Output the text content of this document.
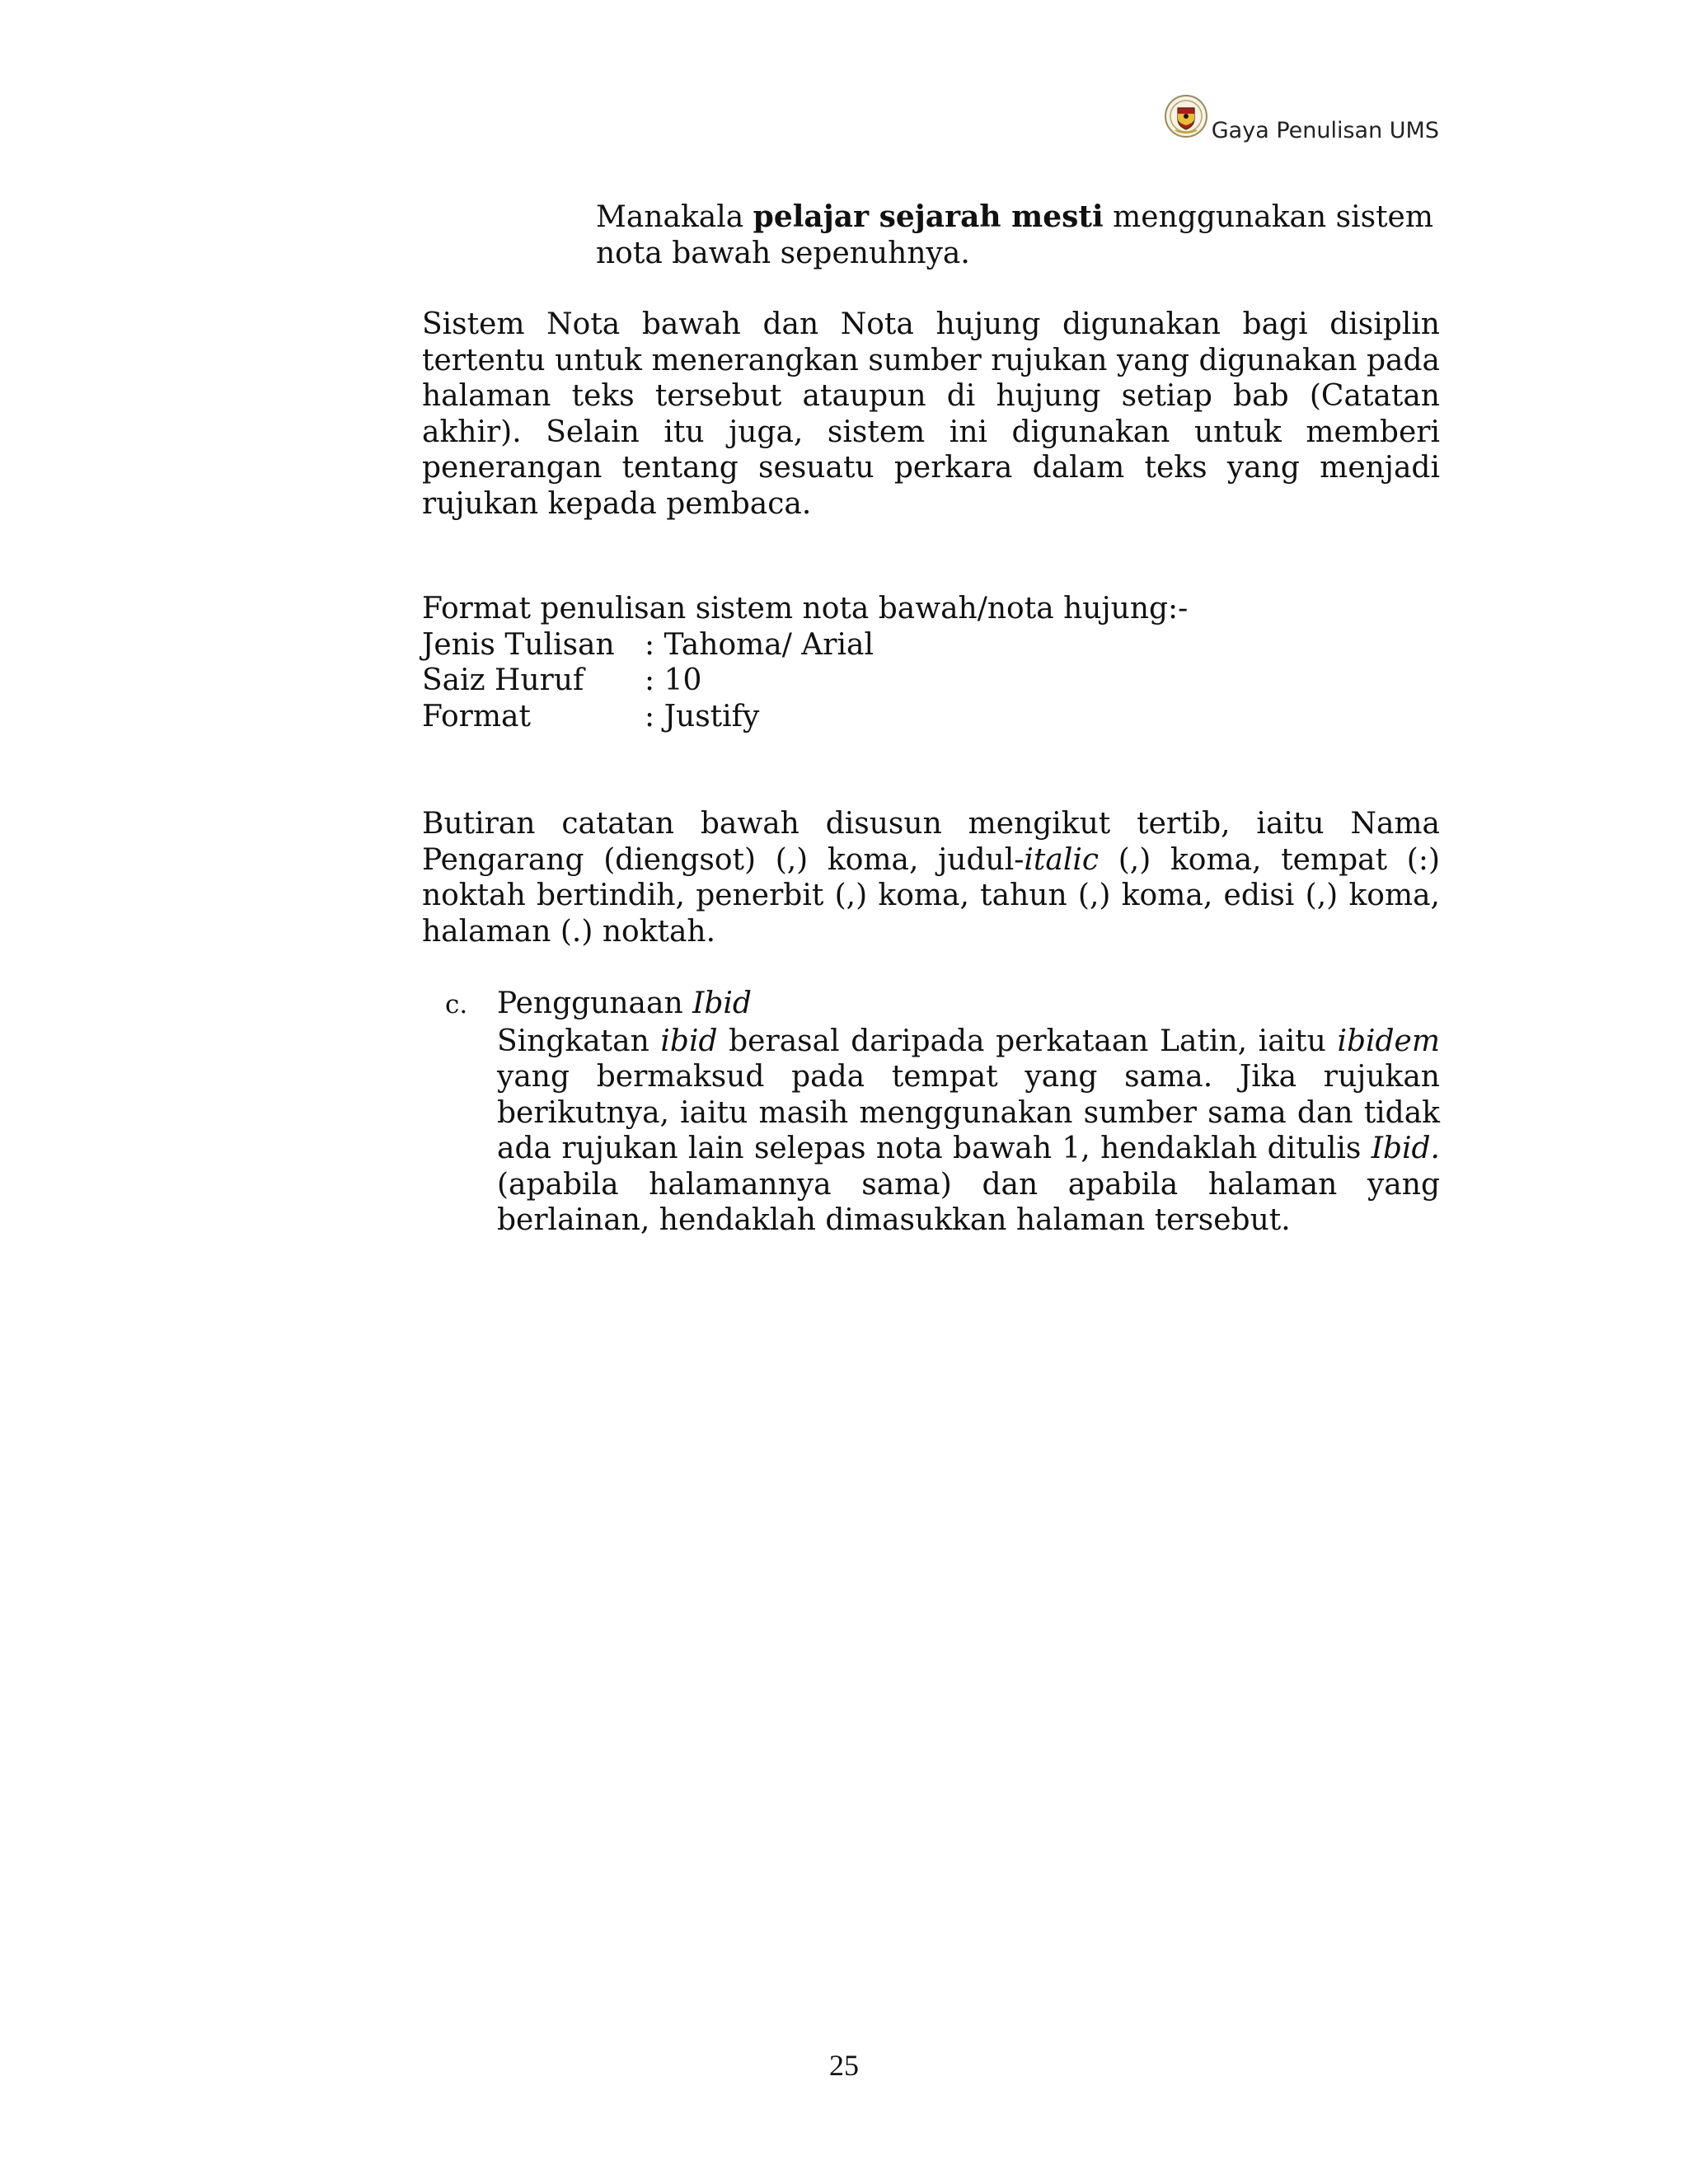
Gaya Penulisan UMS

Manakala pelajar sejarah mesti menggunakan sistem
nota bawah sepenuhnya.

Sistem Nota bawah dan Nota hujung digunakan bagi disiplin tertentu untuk menerangkan sumber rujukan yang digunakan pada halaman teks tersebut ataupun di hujung setiap bab (Catatan akhir). Selain itu juga, sistem ini digunakan untuk memberi penerangan tentang sesuatu perkara dalam teks yang menjadi rujukan kepada pembaca.

Format penulisan sistem nota bawah/nota hujung:-
Jenis Tulisan	: Tahoma/ Arial
Saiz Huruf	: 10
Format	: Justify

Butiran catatan bawah disusun mengikut tertib, iaitu Nama Pengarang (diengsot) (,) koma, judul-italic (,) koma, tempat (:) noktah bertindih, penerbit (,) koma, tahun (,) koma, edisi (,) koma, halaman (.) noktah.

c. Penggunaan Ibid

Singkatan ibid berasal daripada perkataan Latin, iaitu ibidem yang bermaksud pada tempat yang sama. Jika rujukan berikutnya, iaitu masih menggunakan sumber sama dan tidak ada rujukan lain selepas nota bawah 1, hendaklah ditulis Ibid. (apabila halamannya sama) dan apabila halaman yang berlainan, hendaklah dimasukkan halaman tersebut.

25
